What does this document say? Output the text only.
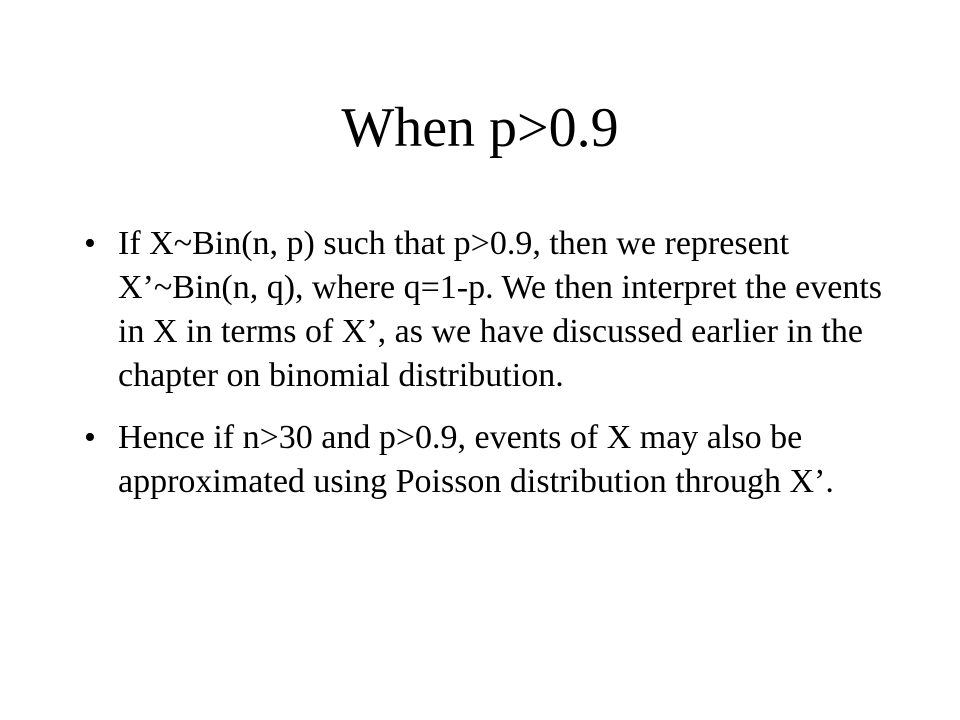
When p>0.9
• If X~Bin(n, p) such that p>0.9, then we represent X’~Bin(n, q), where q=1-p. We then interpret the events in X in terms of X’, as we have discussed earlier in the chapter on binomial distribution.
• Hence if n>30 and p>0.9, events of X may also be approximated using Poisson distribution through X’.
